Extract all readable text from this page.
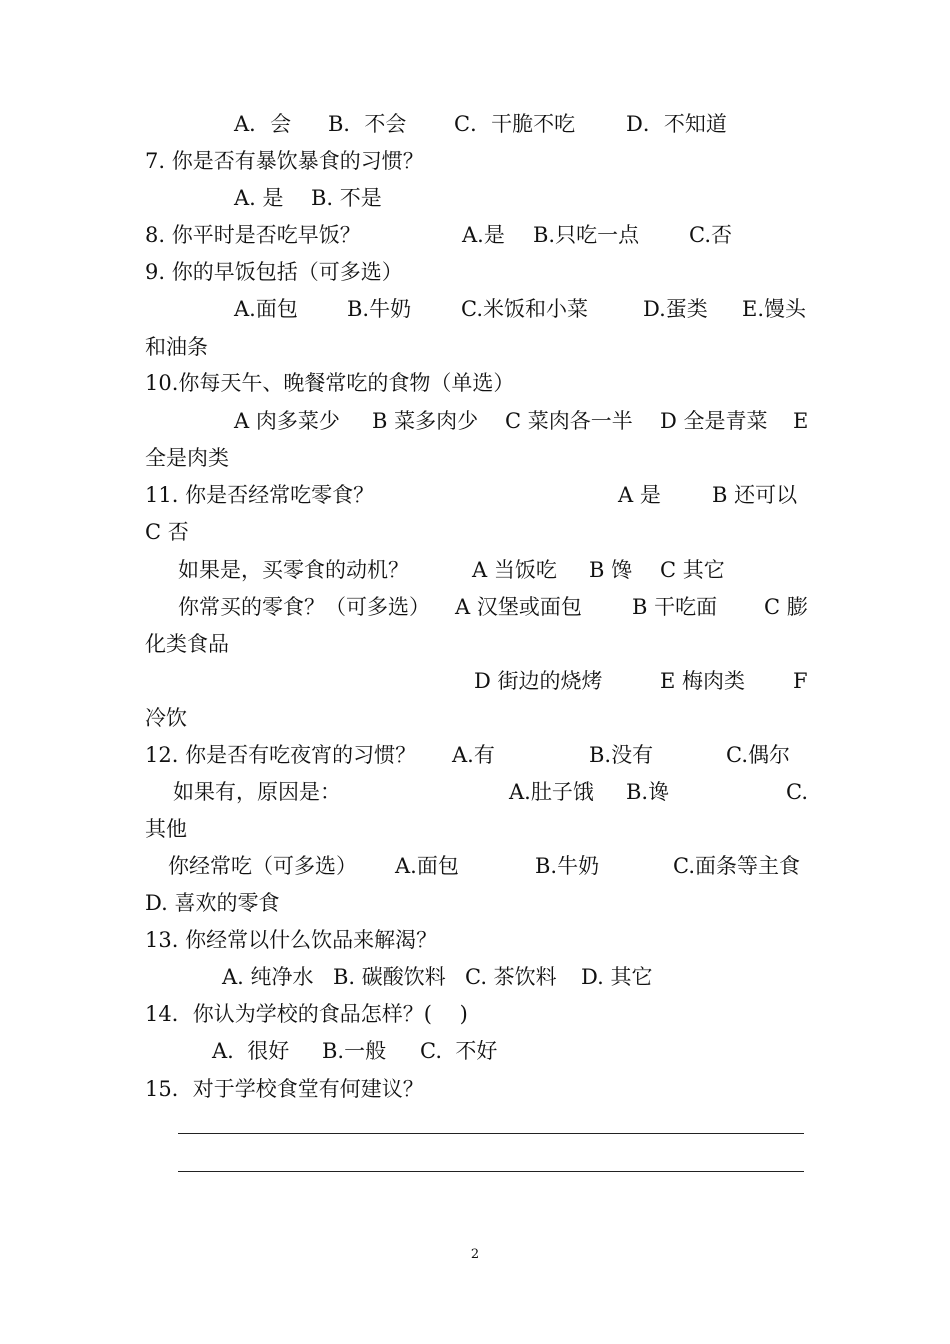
A．会

B．不会

C．干脆不吃

D．不知道

7. 你是否有暴饮暴食的习惯？

A. 是

B. 不是

8. 你平时是否吃早饭？

	A.是

B.只吃一点

C.否

9. 你的早饭包括（可多选）

A.面包

B.牛奶

C.米饭和小菜

	D.蛋类

E.馒头

和油条

10.你每天午、晚餐常吃的食物（单选）

A 肉多菜少

B 菜多肉少

C 菜肉各一半

D 全是青菜

E

全是肉类

11. 你是否经常吃零食？

	A 是

B 还可以

C 否

如果是，买零食的动机？

	A 当饭吃

B 馋

C 其它

你常买的零食？（可多选）

A 汉堡或面包

B 干吃面

C 膨

化类食品

D 街边的烧烤

	E 梅肉类

F

冷饮

12. 你是否有吃夜宵的习惯？

A.有

	B.没有

	C.偶尔

如果有，原因是：

	A.肚子饿

B.谗

	C.

其他

你经常吃（可多选）

A.面包

	B.牛奶

	C.面条等主食

D. 喜欢的零食

13. 你经常以什么饮品来解渴？

A. 纯净水

B. 碳酸饮料

C. 茶饮料

D. 其它

14．你认为学校的食品怎样？(　 )

A.  很好

B.一般

C.  不好

15．对于学校食堂有何建议？

2
